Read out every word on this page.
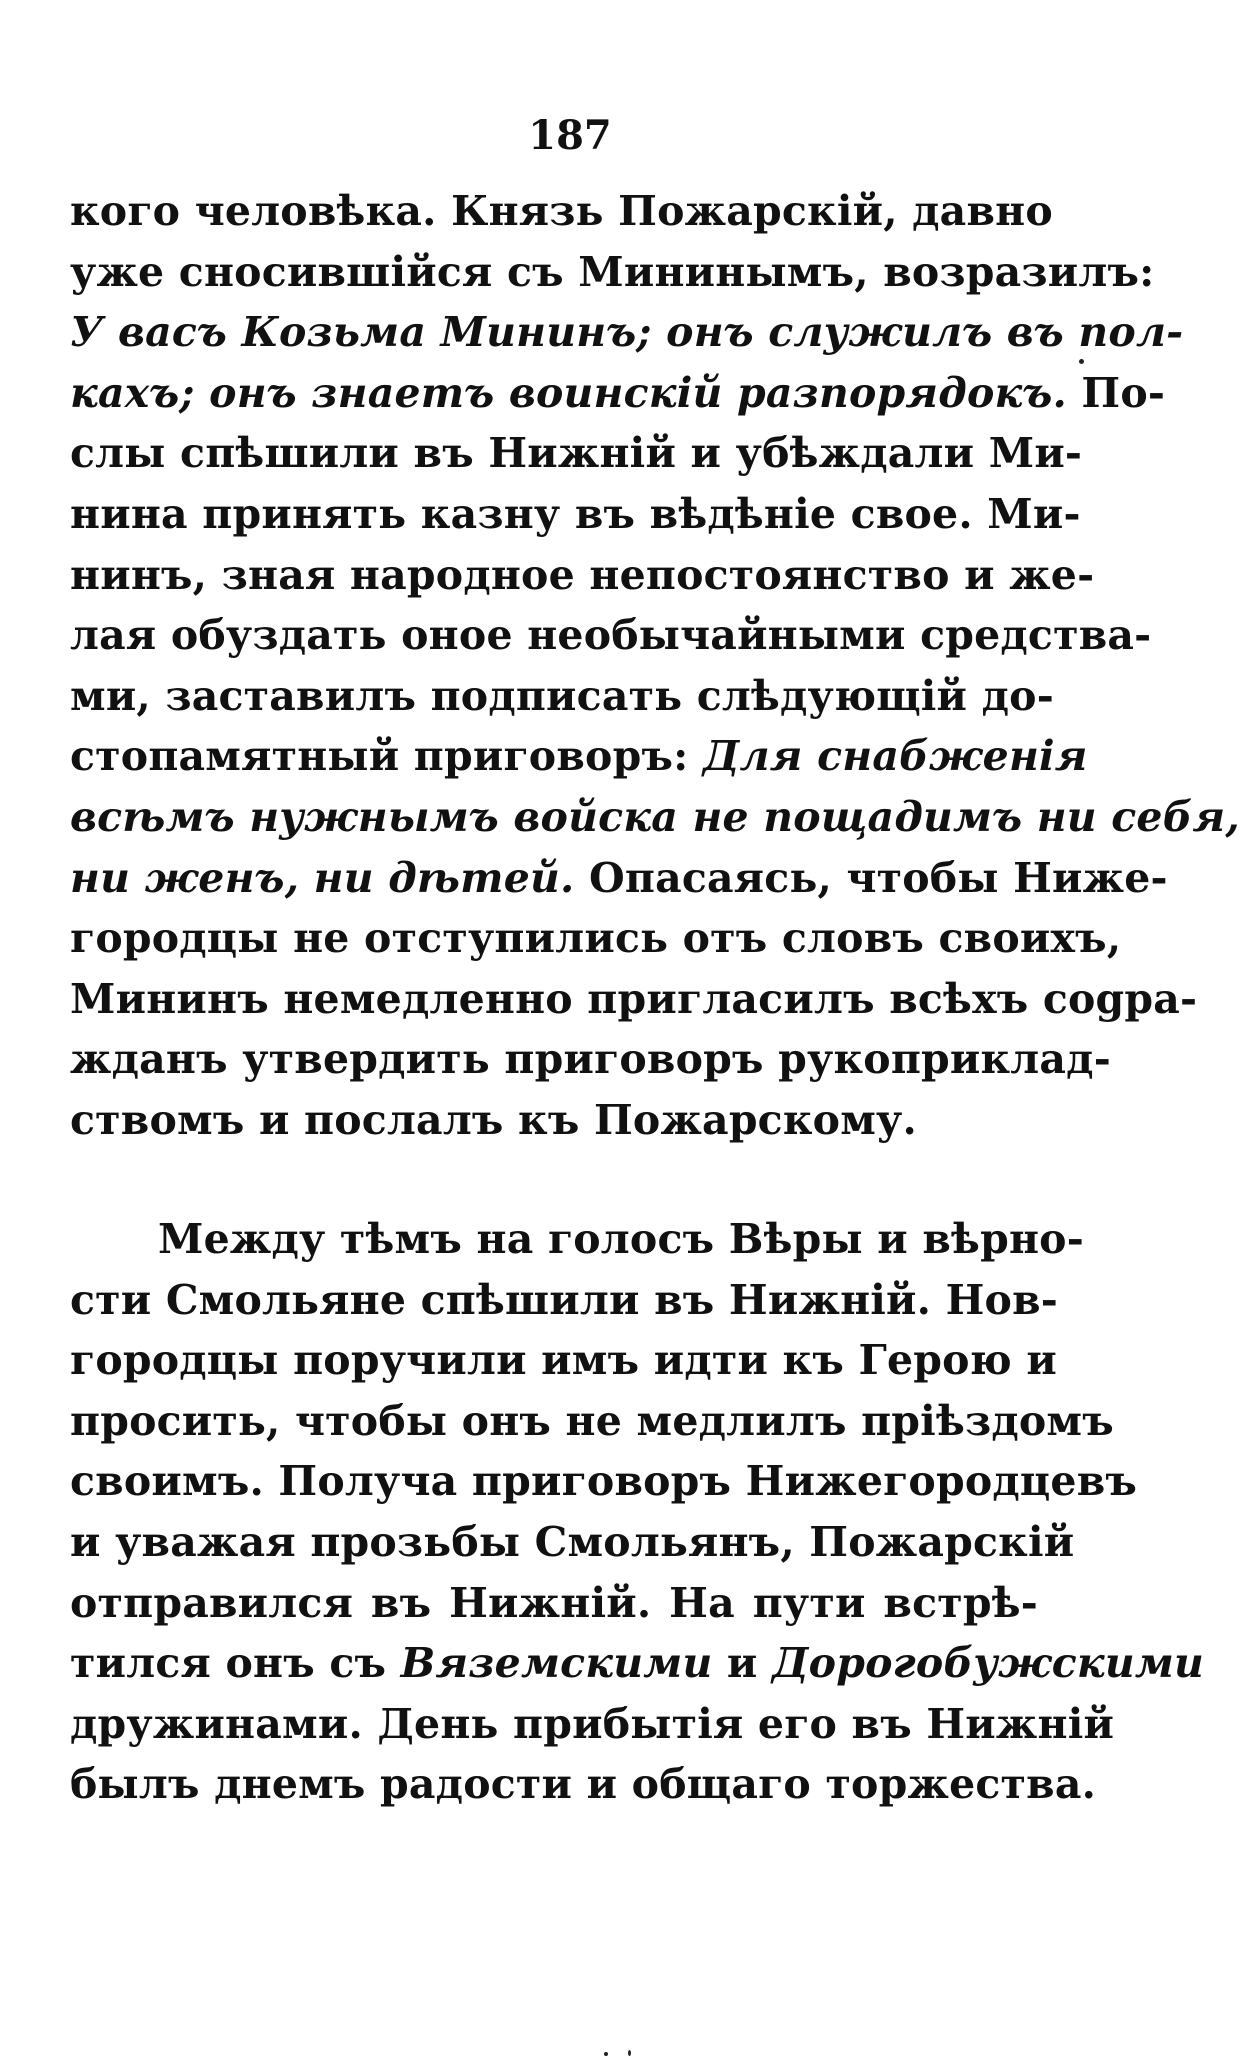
187
кого человѣка. Князь Пожарскій, давно
уже сносившійся съ Мининымъ, возразилъ:
У васъ Козьма Мининъ; онъ служилъ въ пол-
кахъ; онъ знаетъ воинскій разпорядокъ. По-
слы спѣшили въ Нижній и убѣждали Ми-
нина принять казну въ вѣдѣніе свое. Ми-
нинъ, зная народное непостоянство и же-
лая обуздать оное необычайными средства-
ми, заставилъ подписать слѣдующій до-
стопамятный приговоръ: Для снабженія
всѣмъ нужнымъ войска не пощадимъ ни себя,
ни женъ, ни дѣтей. Опасаясь, чтобы Нижe-
городцы не отступились отъ словъ своихъ,
Мининъ немедленно пригласилъ всѣхъ сogра-
жданъ утвердить приговоръ рукоприклад-
ствомъ и послалъ къ Пожарскому.
Между тѣмъ на голосъ Вѣры и вѣрно-
сти Смольяне спѣшили въ Нижній. Нов-
городцы поручили имъ идти къ Герою и
просить, чтобы онъ не медлилъ пріѣздомъ
своимъ. Получа приговоръ Нижегородцевъ
и уважая прозьбы Смольянъ, Пожарскій
отправился въ Нижній. На пути встрѣ-
тился онъ съ Вяземскими и Дорогобужскими
дружинами. День прибытія его въ Нижній
былъ днемъ радости и общаго торжества.
